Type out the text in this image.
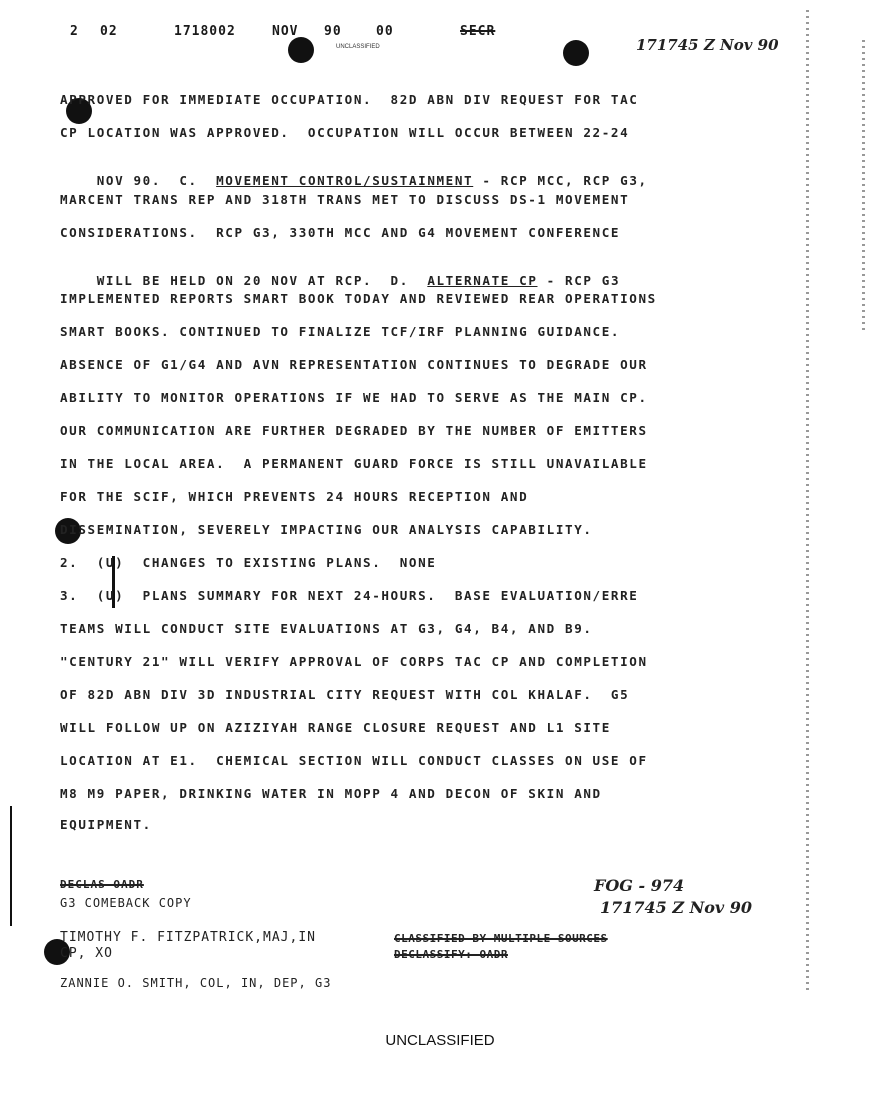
2 02	1718002	NOV 90	00	SECR
UNCLASSIFIED	171745 Z Nov 90
APPROVED FOR IMMEDIATE OCCUPATION.  82D ABN DIV REQUEST FOR TAC
CP LOCATION WAS APPROVED.  OCCUPATION WILL OCCUR BETWEEN 22-24

NOV 90.  C. MOVEMENT CONTROL/SUSTAINMENT - RCP MCC, RCP G3,

MARCENT TRANS REP AND 318TH TRANS MET TO DISCUSS DS-1 MOVEMENT
CONSIDERATIONS.  RCP G3, 330TH MCC AND G4 MOVEMENT CONFERENCE

WILL BE HELD ON 20 NOV AT RCP.  D. ALTERNATE CP - RCP G3

IMPLEMENTED REPORTS SMART BOOK TODAY AND REVIEWED REAR OPERATIONS
SMART BOOKS. CONTINUED TO FINALIZE TCF/IRF PLANNING GUIDANCE.
ABSENCE OF G1/G4 AND AVN REPRESENTATION CONTINUES TO DEGRADE OUR
ABILITY TO MONITOR OPERATIONS IF WE HAD TO SERVE AS THE MAIN CP.
OUR COMMUNICATION ARE FURTHER DEGRADED BY THE NUMBER OF EMITTERS
IN THE LOCAL AREA.  A PERMANENT GUARD FORCE IS STILL UNAVAILABLE
FOR THE SCIF, WHICH PREVENTS 24 HOURS RECEPTION AND
DISSEMINATION, SEVERELY IMPACTING OUR ANALYSIS CAPABILITY.
2.  (U)  CHANGES TO EXISTING PLANS.  NONE
3.  (U)  PLANS SUMMARY FOR NEXT 24-HOURS.  BASE EVALUATION/ERRE
TEAMS WILL CONDUCT SITE EVALUATIONS AT G3, G4, B4, AND B9.
"CENTURY 21" WILL VERIFY APPROVAL OF CORPS TAC CP AND COMPLETION
OF 82D ABN DIV 3D INDUSTRIAL CITY REQUEST WITH COL KHALAF.  G5
WILL FOLLOW UP ON AZIZIYAH RANGE CLOSURE REQUEST AND L1 SITE
LOCATION AT E1.  CHEMICAL SECTION WILL CONDUCT CLASSES ON USE OF
M8 M9 PAPER, DRINKING WATER IN MOPP 4 AND DECON OF SKIN AND
EQUIPMENT.
DECLAS OADR
G3 COMEBACK COPY
TIMOTHY F. FITZPATRICK,MAJ,IN
CP, XO
ZANNIE O. SMITH, COL, IN, DEP, G3
CLASSIFIED BY MULTIPLE SOURCES
DECLASSIFY: OADR
FOG - 974
171745 Z Nov 90
UNCLASSIFIED
